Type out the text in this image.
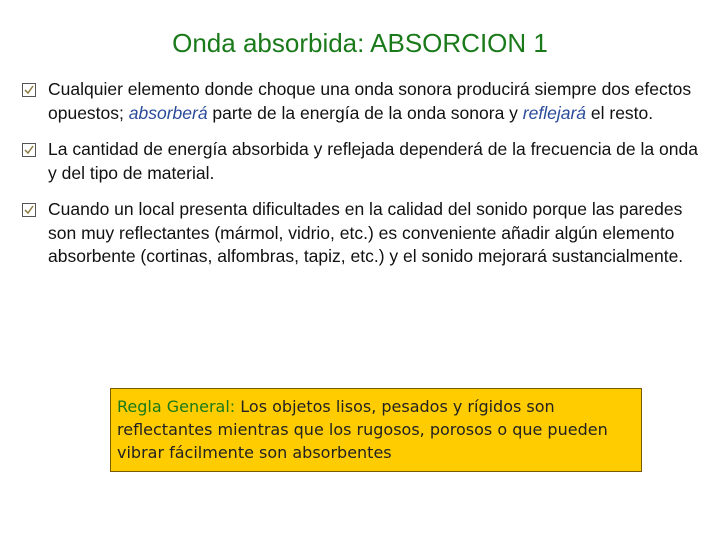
Onda absorbida: ABSORCION 1
Cualquier elemento donde choque una onda sonora producirá siempre dos efectos opuestos; absorberá parte de la energía de la onda sonora y reflejará el resto.
La cantidad de energía absorbida y reflejada dependerá de la frecuencia de la onda y del tipo de material.
Cuando un local presenta dificultades en la calidad del sonido porque las paredes son muy reflectantes (mármol, vidrio, etc.) es conveniente añadir algún elemento absorbente (cortinas, alfombras, tapiz, etc.) y el sonido mejorará sustancialmente.
Regla General: Los objetos lisos, pesados y rígidos son reflectantes mientras que los rugosos, porosos o que pueden vibrar fácilmente son absorbentes
